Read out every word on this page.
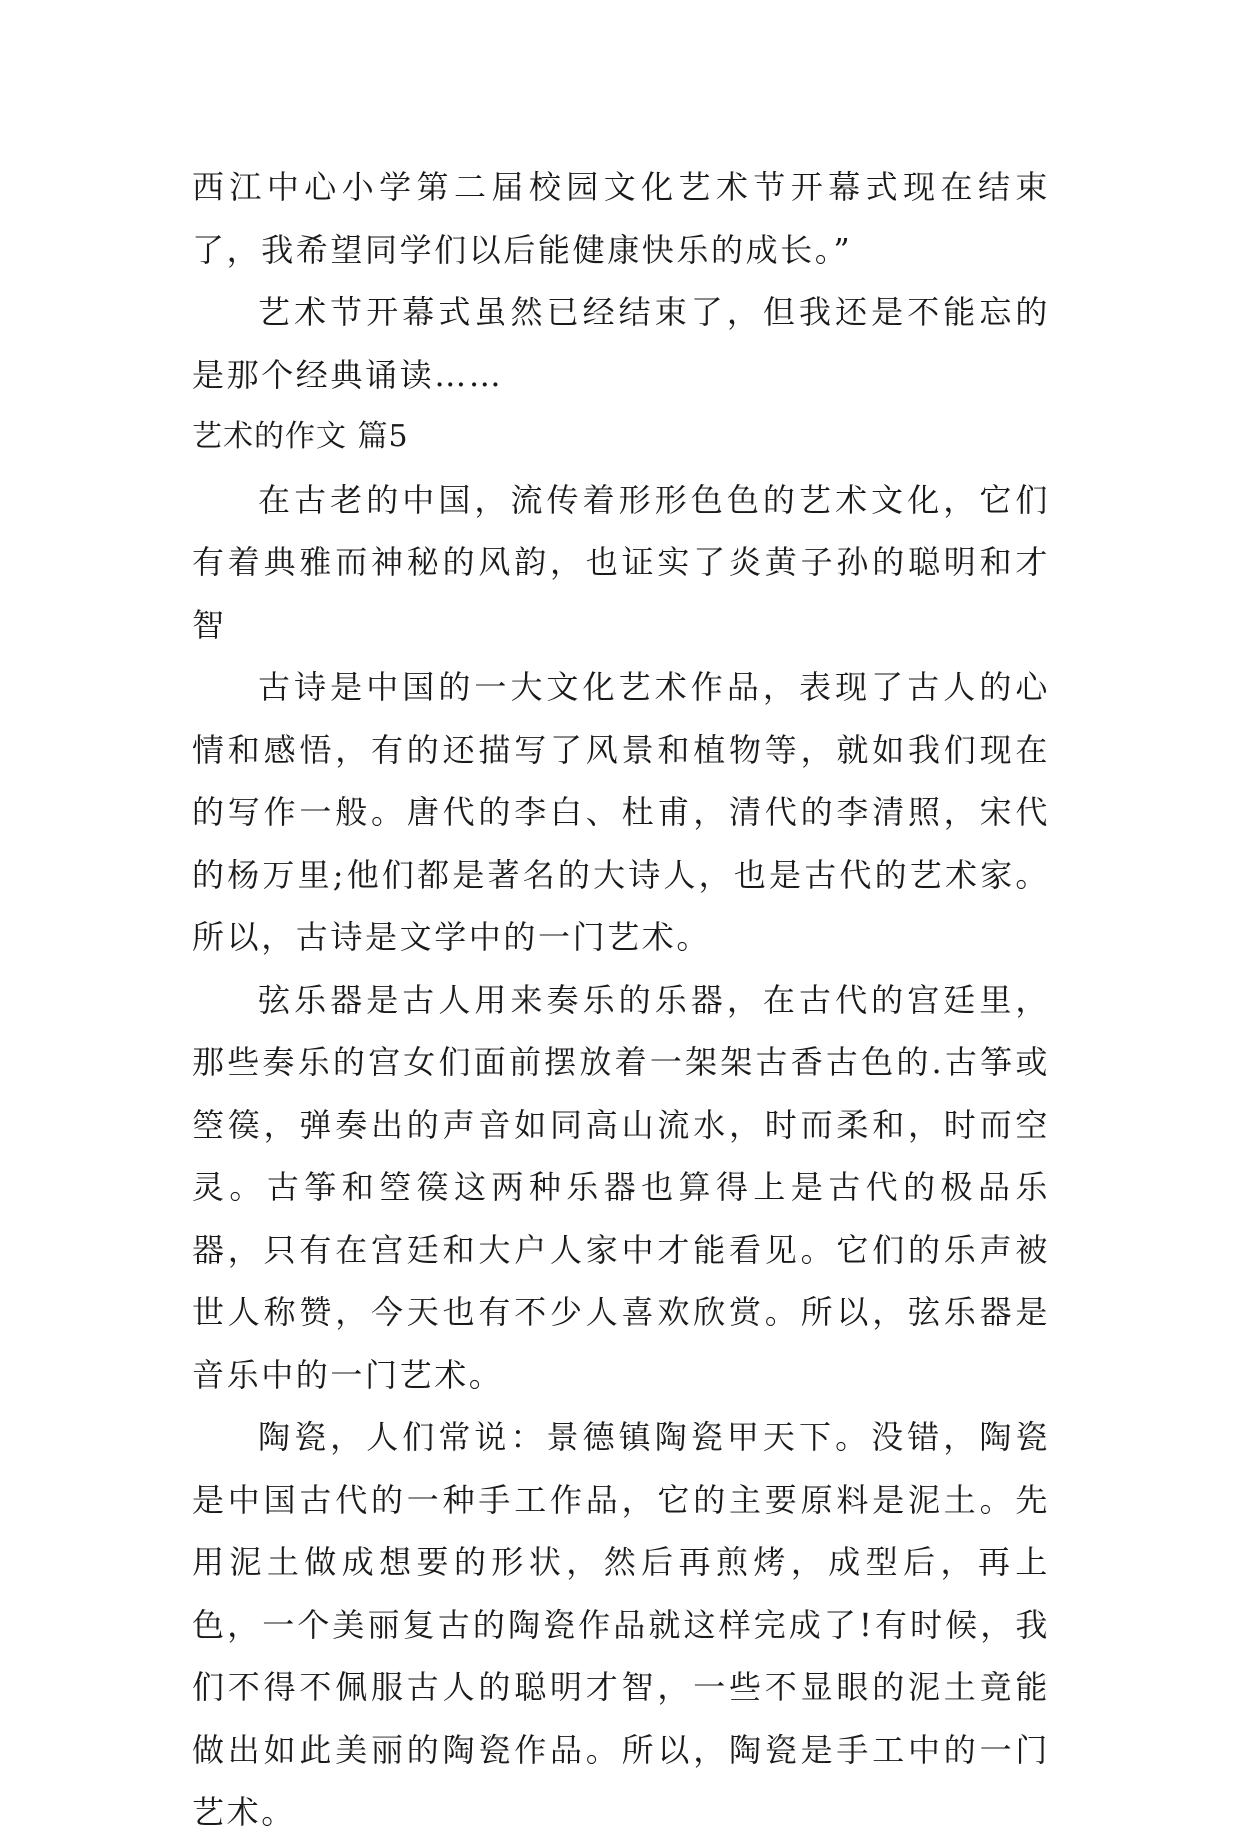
西江中心小学第二届校园文化艺术节开幕式现在结束了，我希望同学们以后能健康快乐的成长。”

艺术节开幕式虽然已经结束了，但我还是不能忘的是那个经典诵读……

艺术的作文 篇5

在古老的中国，流传着形形色色的艺术文化，它们有着典雅而神秘的风韵，也证实了炎黄子孙的聪明和才智

古诗是中国的一大文化艺术作品，表现了古人的心情和感悟，有的还描写了风景和植物等，就如我们现在的写作一般。唐代的李白、杜甫，清代的李清照，宋代的杨万里;他们都是著名的大诗人，也是古代的艺术家。所以，古诗是文学中的一门艺术。

弦乐器是古人用来奏乐的乐器，在古代的宫廷里，那些奏乐的宫女们面前摆放着一架架古香古色的.古筝或箜篌，弹奏出的声音如同高山流水，时而柔和，时而空灵。古筝和箜篌这两种乐器也算得上是古代的极品乐器，只有在宫廷和大户人家中才能看见。它们的乐声被世人称赞，今天也有不少人喜欢欣赏。所以，弦乐器是音乐中的一门艺术。

陶瓷，人们常说：景德镇陶瓷甲天下。没错，陶瓷是中国古代的一种手工作品，它的主要原料是泥土。先用泥土做成想要的形状，然后再煎烤，成型后，再上色，一个美丽复古的陶瓷作品就这样完成了!有时候，我们不得不佩服古人的聪明才智，一些不显眼的泥土竟能做出如此美丽的陶瓷作品。所以，陶瓷是手工中的一门艺术。
